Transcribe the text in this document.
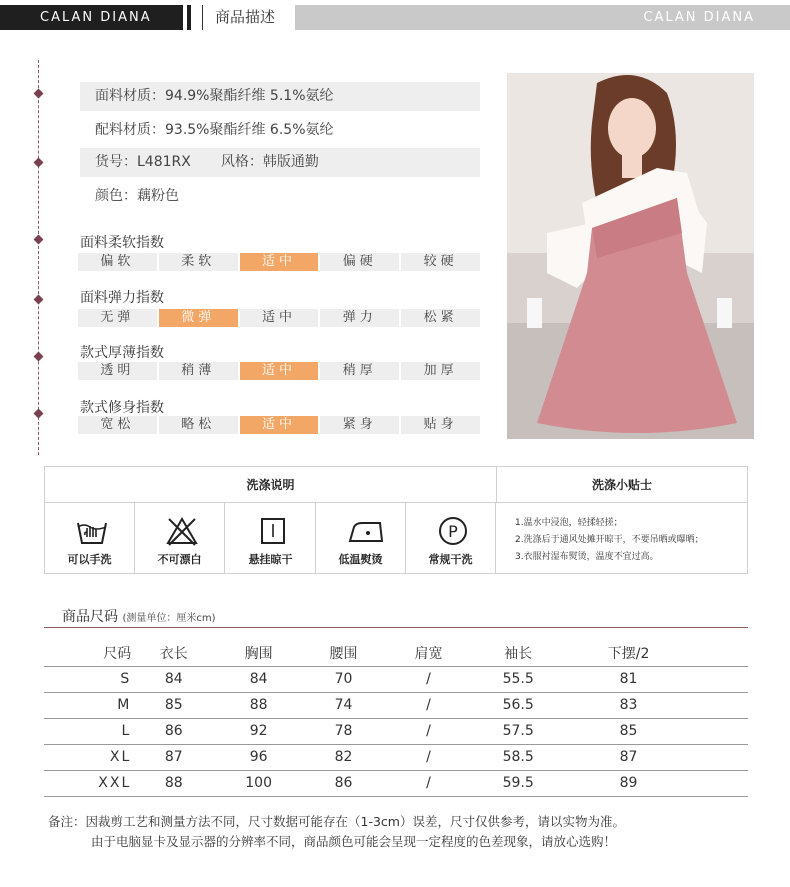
CALAN DIANA	商品描述	CALAN DIANA
面料材质：94.9%聚酯纤维 5.1%氨纶
配料材质：93.5%聚酯纤维 6.5%氨纶
货号：L481RX 风格：韩版通勤
颜色：藕粉色
面料柔软指数
偏软	柔软	适中	偏硬	较硬
面料弹力指数
无弹	微弹	适中	弹力	松紧
款式厚薄指数
透明	稍薄	适中	稍厚	加厚
款式修身指数
宽松	略松	适中	紧身	贴身
洗涤说明	洗涤小贴士
可以手洗	不可漂白	悬挂晾干	低温熨烫
P
常规干洗
1.温水中浸泡，轻揉轻搓；
2.洗涤后于通风处摊开晾干，不要吊晒或曝晒；
3.衣服衬湿布熨烫，温度不宜过高。
商品尺码 (测量单位：厘米cm)
尺码	衣长	胸围	腰围	肩宽	袖长	下摆/2	
S	84	84	70	/	55.5	81	
M	85	88	74	/	56.5	83	
L	86	92	78	/	57.5	85	
XL	87	96	82	/	58.5	87	
XXL	88	100	86	/	59.5	89	
备注：因裁剪工艺和测量方法不同，尺寸数据可能存在（1-3cm）误差，尺寸仅供参考，请以实物为准。
由于电脑显卡及显示器的分辨率不同，商品颜色可能会呈现一定程度的色差现象，请放心选购！
